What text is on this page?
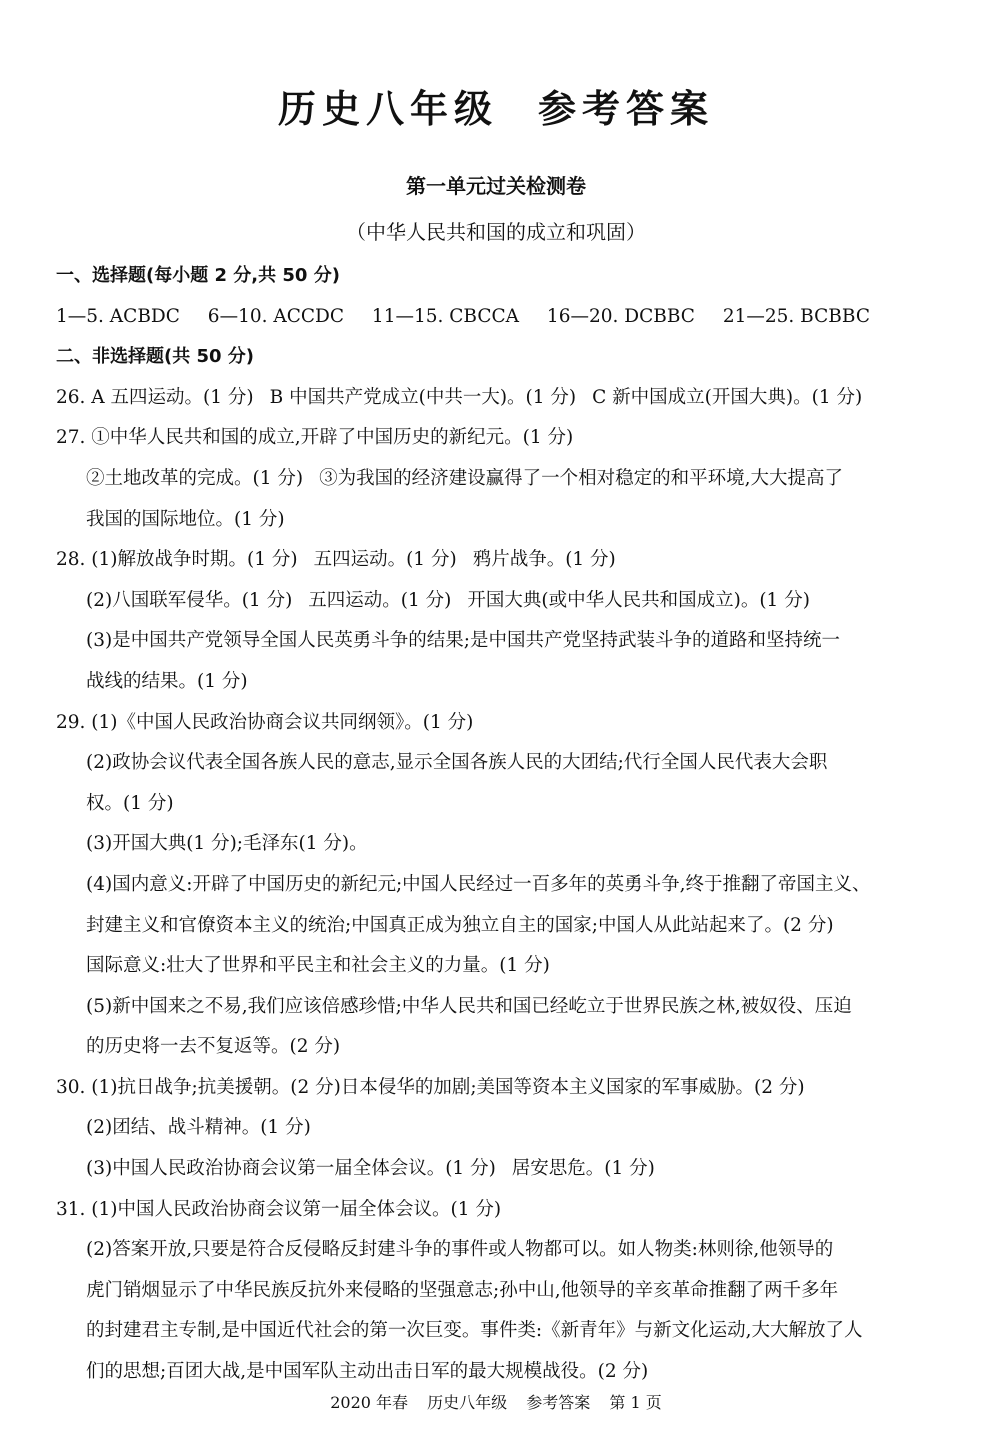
历史八年级 参考答案
第一单元过关检测卷
（中华人民共和国的成立和巩固）
一、选择题(每小题 2 分,共 50 分)
1—5. ACBDC 6—10. ACCDC 11—15. CBCCA 16—20. DCBBC 21—25. BCBBC
二、非选择题(共 50 分)
26. A 五四运动。(1 分) B 中国共产党成立(中共一大)。(1 分) C 新中国成立(开国大典)。(1 分)
27. ①中华人民共和国的成立,开辟了中国历史的新纪元。(1 分)
②土地改革的完成。(1 分) ③为我国的经济建设赢得了一个相对稳定的和平环境,大大提高了
我国的国际地位。(1 分)
28. (1)解放战争时期。(1 分) 五四运动。(1 分) 鸦片战争。(1 分)
(2)八国联军侵华。(1 分) 五四运动。(1 分) 开国大典(或中华人民共和国成立)。(1 分)
(3)是中国共产党领导全国人民英勇斗争的结果;是中国共产党坚持武装斗争的道路和坚持统一
战线的结果。(1 分)
29. (1)《中国人民政治协商会议共同纲领》。(1 分)
(2)政协会议代表全国各族人民的意志,显示全国各族人民的大团结;代行全国人民代表大会职
权。(1 分)
(3)开国大典(1 分);毛泽东(1 分)。
(4)国内意义:开辟了中国历史的新纪元;中国人民经过一百多年的英勇斗争,终于推翻了帝国主义、
封建主义和官僚资本主义的统治;中国真正成为独立自主的国家;中国人从此站起来了。(2 分)
国际意义:壮大了世界和平民主和社会主义的力量。(1 分)
(5)新中国来之不易,我们应该倍感珍惜;中华人民共和国已经屹立于世界民族之林,被奴役、压迫
的历史将一去不复返等。(2 分)
30. (1)抗日战争;抗美援朝。(2 分)日本侵华的加剧;美国等资本主义国家的军事威胁。(2 分)
(2)团结、战斗精神。(1 分)
(3)中国人民政治协商会议第一届全体会议。(1 分) 居安思危。(1 分)
31. (1)中国人民政治协商会议第一届全体会议。(1 分)
(2)答案开放,只要是符合反侵略反封建斗争的事件或人物都可以。如人物类:林则徐,他领导的
虎门销烟显示了中华民族反抗外来侵略的坚强意志;孙中山,他领导的辛亥革命推翻了两千多年
的封建君主专制,是中国近代社会的第一次巨变。事件类:《新青年》与新文化运动,大大解放了人
们的思想;百团大战,是中国军队主动出击日军的最大规模战役。(2 分)
2020 年春 历史八年级 参考答案 第 1 页
